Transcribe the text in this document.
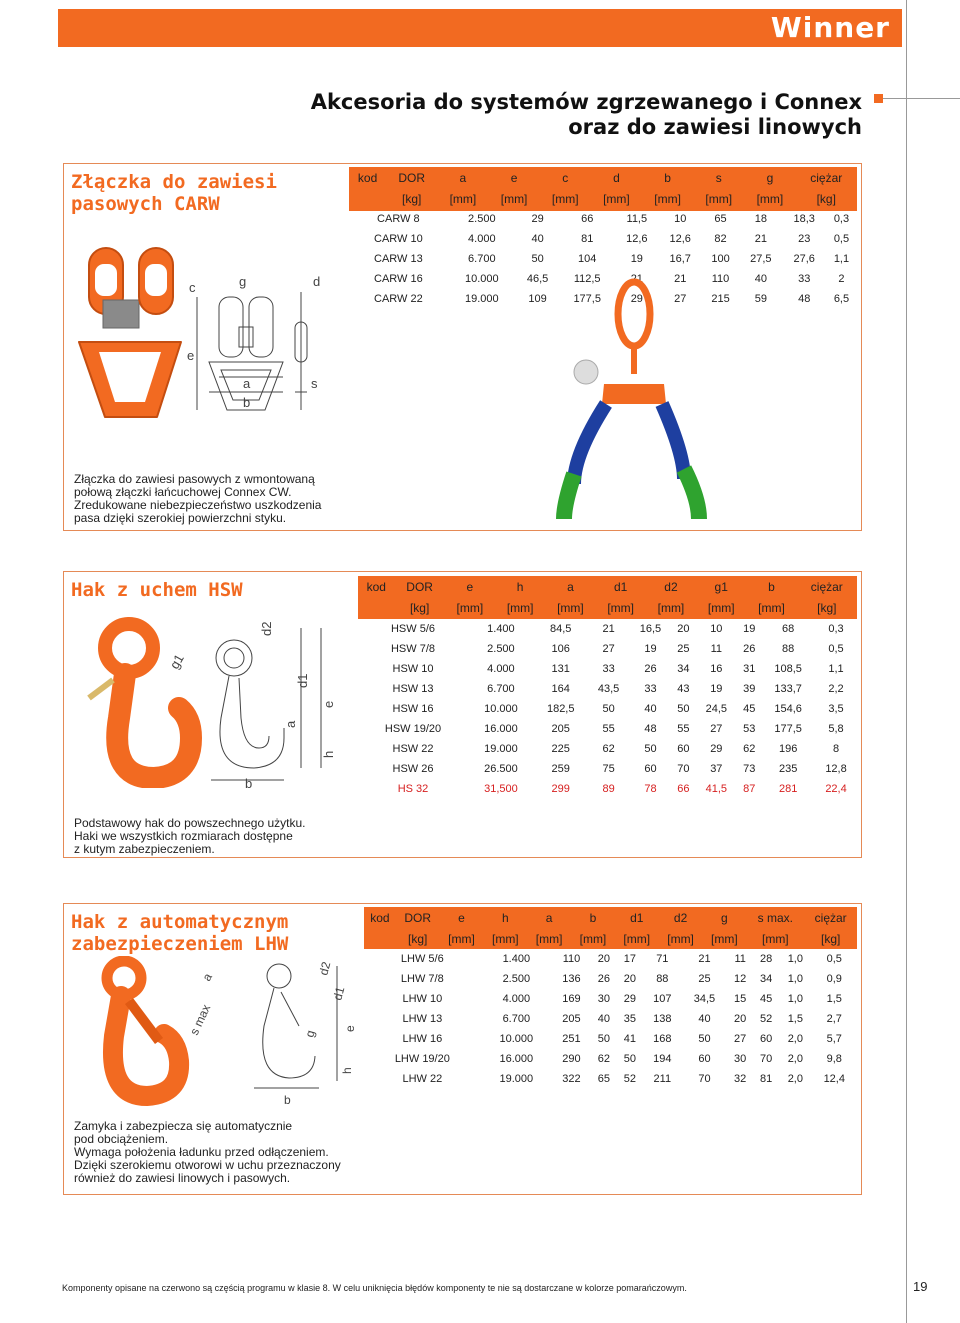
Winner
Akcesoria do systemów zgrzewanego i Connex
oraz do zawiesi linowych
Złączka do zawiesi
pasowych CARW
kod	DOR	a	e	c	d	b	s	g	ciężar
	[kg]	[mm]	[mm]	[mm]	[mm]	[mm]	[mm]	[mm]	[kg]
CARW 8	2.500	29	66	11,5	10	65	18	18,3	0,3
CARW 10	4.000	40	81	12,6	12,6	82	21	23	0,5
CARW 13	6.700	50	104	19	16,7	100	27,5	27,6	1,1
CARW 16	10.000	46,5	112,5	21	21	110	40	33	2
CARW 22	19.000	109	177,5	29	27	215	59	48	6,5
c	g	d
e
a
b
s
Złączka do zawiesi pasowych z wmontowaną
połową złączki łańcuchowej Connex CW.
Zredukowane niebezpieczeństwo uszkodzenia
pasa dzięki szerokiej powierzchni styku.
Hak z uchem HSW	kod	DOR	e	h	a	d1	d2	g1	b	ciężar
	[kg]	[mm]	[mm]	[mm]	[mm]	[mm]	[mm]	[mm]	[kg]
HSW 5/6	1.400	84,5	21	16,5	20	10	19	68	0,3
HSW 7/8	2.500	106	27	19	25	11	26	88	0,5
HSW 10	4.000	131	33	26	34	16	31	108,5	1,1
HSW 13	6.700	164	43,5	33	43	19	39	133,7	2,2
HSW 16	10.000	182,5	50	40	50	24,5	45	154,6	3,5
HSW 19/20	16.000	205	55	48	55	27	53	177,5	5,8
HSW 22	19.000	225	62	50	60	29	62	196	8
HSW 26	26.500	259	75	60	70	37	73	235	12,8
HS 32	31,500	299	89	78	66	41,5	87	281	22,4
g1
d2
d1
e
a
h
b
Podstawowy hak do powszechnego użytku.
Haki we wszystkich rozmiarach dostępne
z kutym zabezpieczeniem.
Hak z automatycznym
zabezpieczeniem LHW
kod	DOR	e	h	a	b	d1	d2	g	s max.	ciężar
	[kg]	[mm]	[mm]	[mm]	[mm]	[mm]	[mm]	[mm]	[mm]	[kg]
LHW 5/6	1.400	110	20	17	71	21	11	28	1,0	0,5
LHW 7/8	2.500	136	26	20	88	25	12	34	1,0	0,9
LHW 10	4.000	169	30	29	107	34,5	15	45	1,0	1,5
LHW 13	6.700	205	40	35	138	40	20	52	1,5	2,7
LHW 16	10.000	251	50	41	168	50	27	60	2,0	5,7
LHW 19/20	16.000	290	62	50	194	60	30	70	2,0	9,8
LHW 22	19.000	322	65	52	211	70	32	81	2,0	12,4
a
s max
d2
d1
e
g
h
b
Zamyka i zabezpiecza się automatycznie
pod obciążeniem.
Wymaga położenia ładunku przed odłączeniem.
Dzięki szerokiemu otworowi w uchu przeznaczony
również do zawiesi linowych i pasowych.
Komponenty opisane na czerwono są częścią programu w klasie 8. W celu uniknięcia błędów komponenty te nie są dostarczane w kolorze pomarańczowym.	19
